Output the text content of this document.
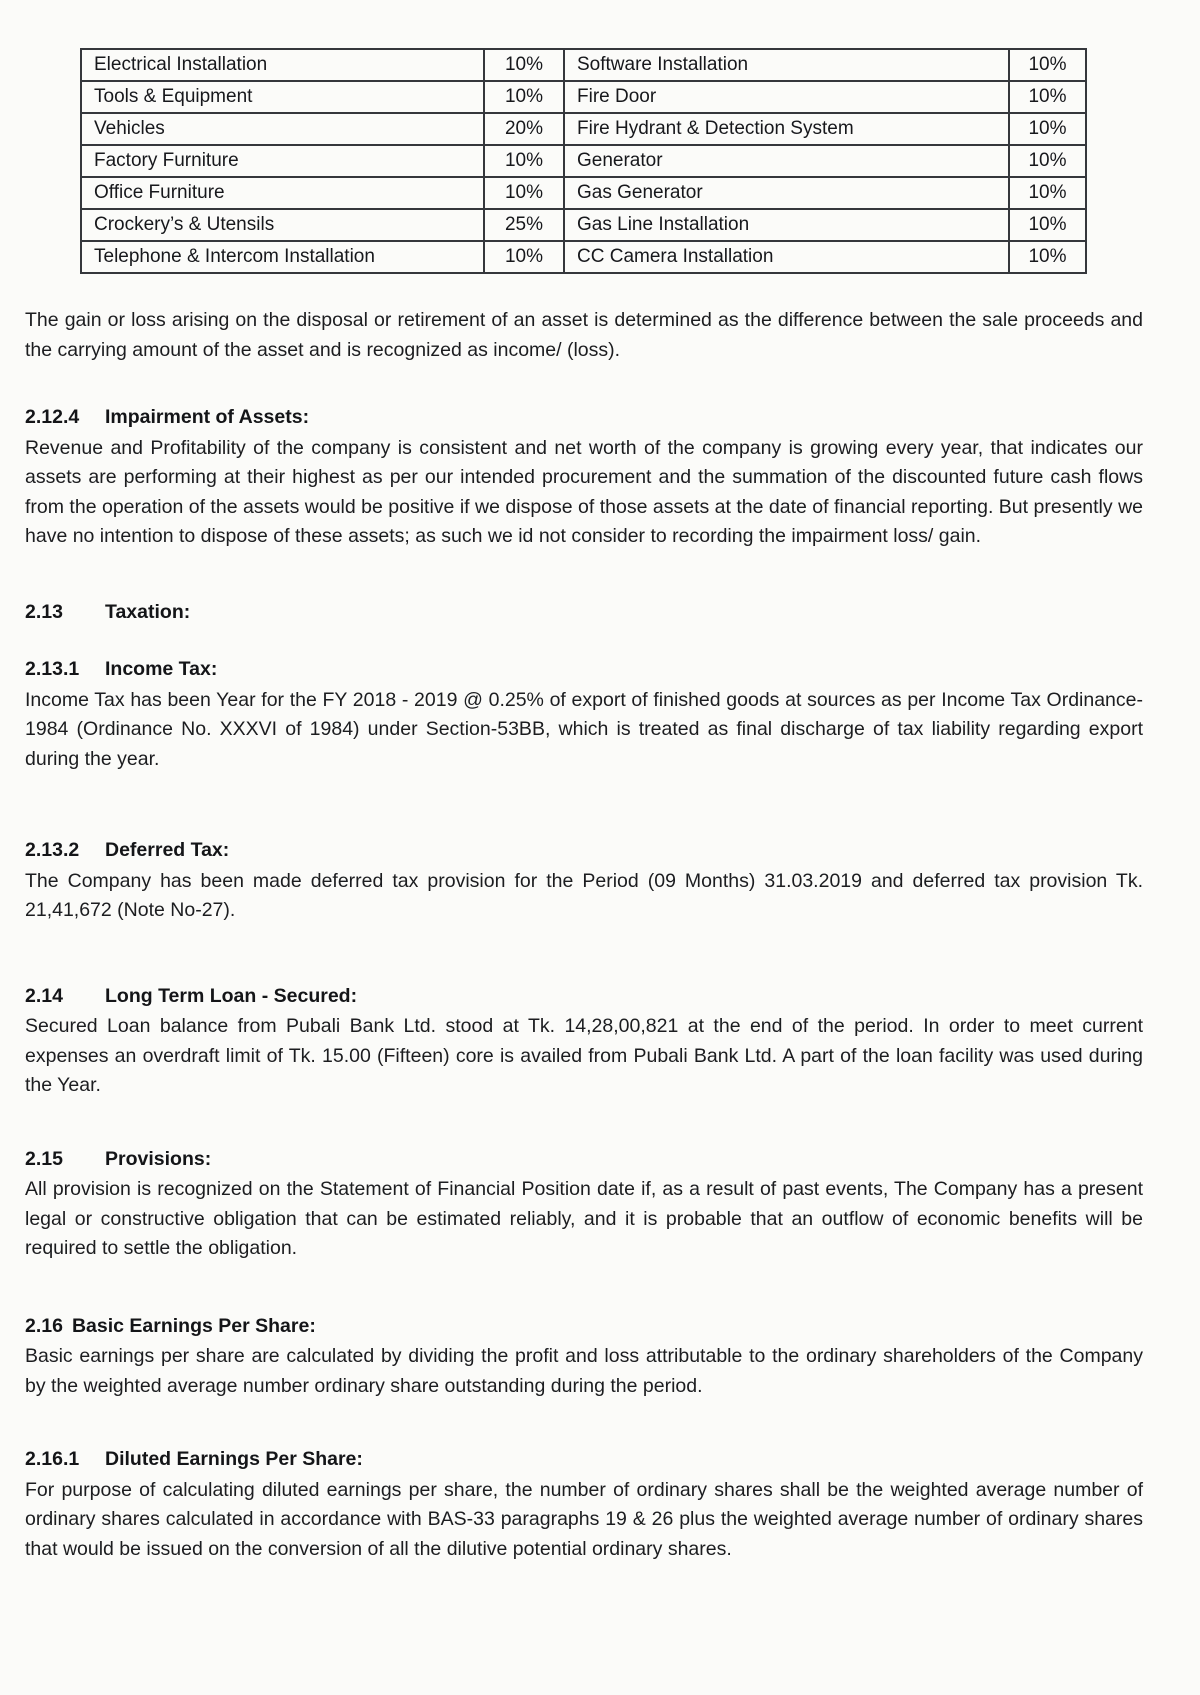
Electrical Installation	10%	Software Installation	10%
Tools & Equipment	10%	Fire Door	10%
Vehicles	20%	Fire Hydrant & Detection System	10%
Factory Furniture	10%	Generator	10%
Office Furniture	10%	Gas Generator	10%
Crockery’s & Utensils	25%	Gas Line Installation	10%
Telephone & Intercom Installation	10%	CC Camera Installation	10%

The gain or loss arising on the disposal or retirement of an asset is determined as the difference between the sale proceeds and the carrying amount of the asset and is recognized as income/ (loss).

2.12.4	Impairment of Assets:

Revenue and Profitability of the company is consistent and net worth of the company is growing every year, that indicates our assets are performing at their highest as per our intended procurement and the summation of the discounted future cash flows from the operation of the assets would be positive if we dispose of those assets at the date of financial reporting. But presently we have no intention to dispose of these assets; as such we id not consider to recording the impairment loss/ gain.

2.13	Taxation:
2.13.1	Income Tax:

Income Tax has been Year for the FY 2018 - 2019 @ 0.25% of export of finished goods at sources as per Income Tax Ordinance-1984 (Ordinance No. XXXVI of 1984) under Section-53BB, which is treated as final discharge of tax liability regarding export during the year.

2.13.2	Deferred Tax:

The Company has been made deferred tax provision for the Period (09 Months) 31.03.2019 and deferred tax provision Tk. 21,41,672 (Note No-27).

2.14	Long Term Loan - Secured:

Secured Loan balance from Pubali Bank Ltd. stood at Tk. 14,28,00,821 at the end of the period. In order to meet current expenses an overdraft limit of Tk. 15.00 (Fifteen) core is availed from Pubali Bank Ltd. A part of the loan facility was used during the Year.

2.15	Provisions:

All provision is recognized on the Statement of Financial Position date if, as a result of past events, The Company has a present legal or constructive obligation that can be estimated reliably, and it is probable that an outflow of economic benefits will be required to settle the obligation.

2.16 Basic Earnings Per Share:

Basic earnings per share are calculated by dividing the profit and loss attributable to the ordinary shareholders of the Company by the weighted average number ordinary share outstanding during the period.

2.16.1	Diluted Earnings Per Share:

For purpose of calculating diluted earnings per share, the number of ordinary shares shall be the weighted average number of ordinary shares calculated in accordance with BAS-33 paragraphs 19 & 26 plus the weighted average number of ordinary shares that would be issued on the conversion of all the dilutive potential ordinary shares.
